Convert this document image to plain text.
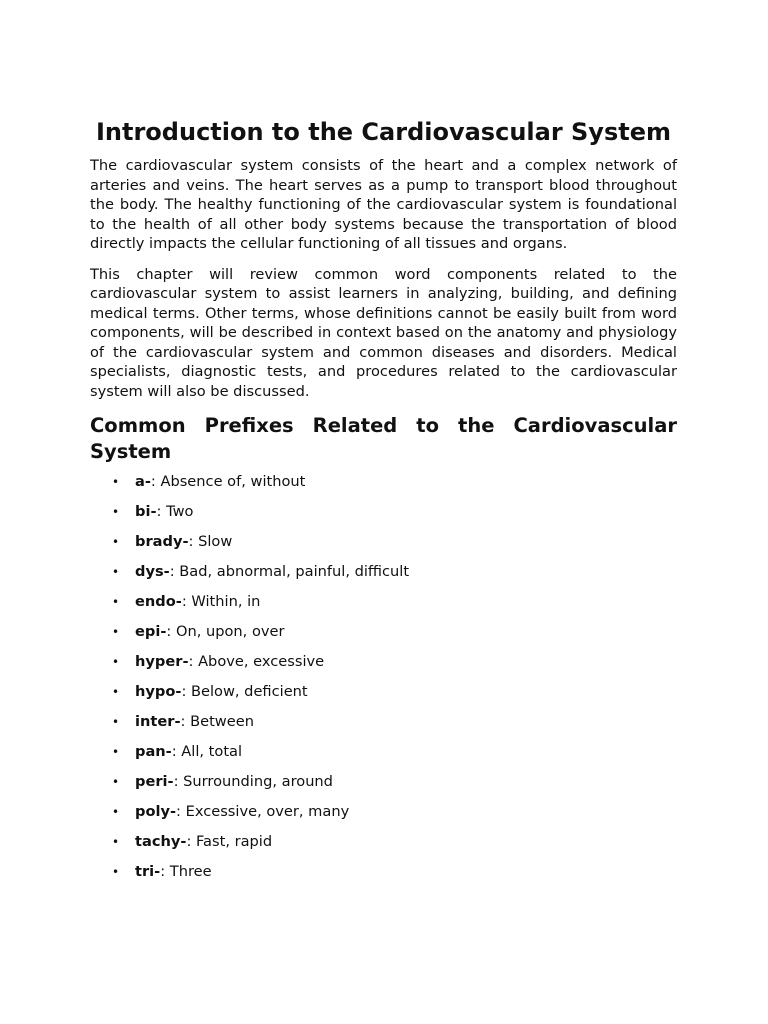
Introduction to the Cardiovascular System

The cardiovascular system consists of the heart and a complex network of arteries and veins. The heart serves as a pump to transport blood throughout the body. The healthy functioning of the cardiovascular system is foundational to the health of all other body systems because the transportation of blood directly impacts the cellular functioning of all tissues and organs.

This chapter will review common word components related to the cardiovascular system to assist learners in analyzing, building, and defining medical terms. Other terms, whose definitions cannot be easily built from word components, will be described in context based on the anatomy and physiology of the cardiovascular system and common diseases and disorders. Medical specialists, diagnostic tests, and procedures related to the cardiovascular system will also be discussed.

Common Prefixes Related to the Cardiovascular System
• a-: Absence of, without
• bi-: Two
• brady-: Slow
• dys-: Bad, abnormal, painful, difficult
• endo-: Within, in
• epi-: On, upon, over
• hyper-: Above, excessive
• hypo-: Below, deficient
• inter-: Between
• pan-: All, total
• peri-: Surrounding, around
• poly-: Excessive, over, many
• tachy-: Fast, rapid
• tri-: Three
